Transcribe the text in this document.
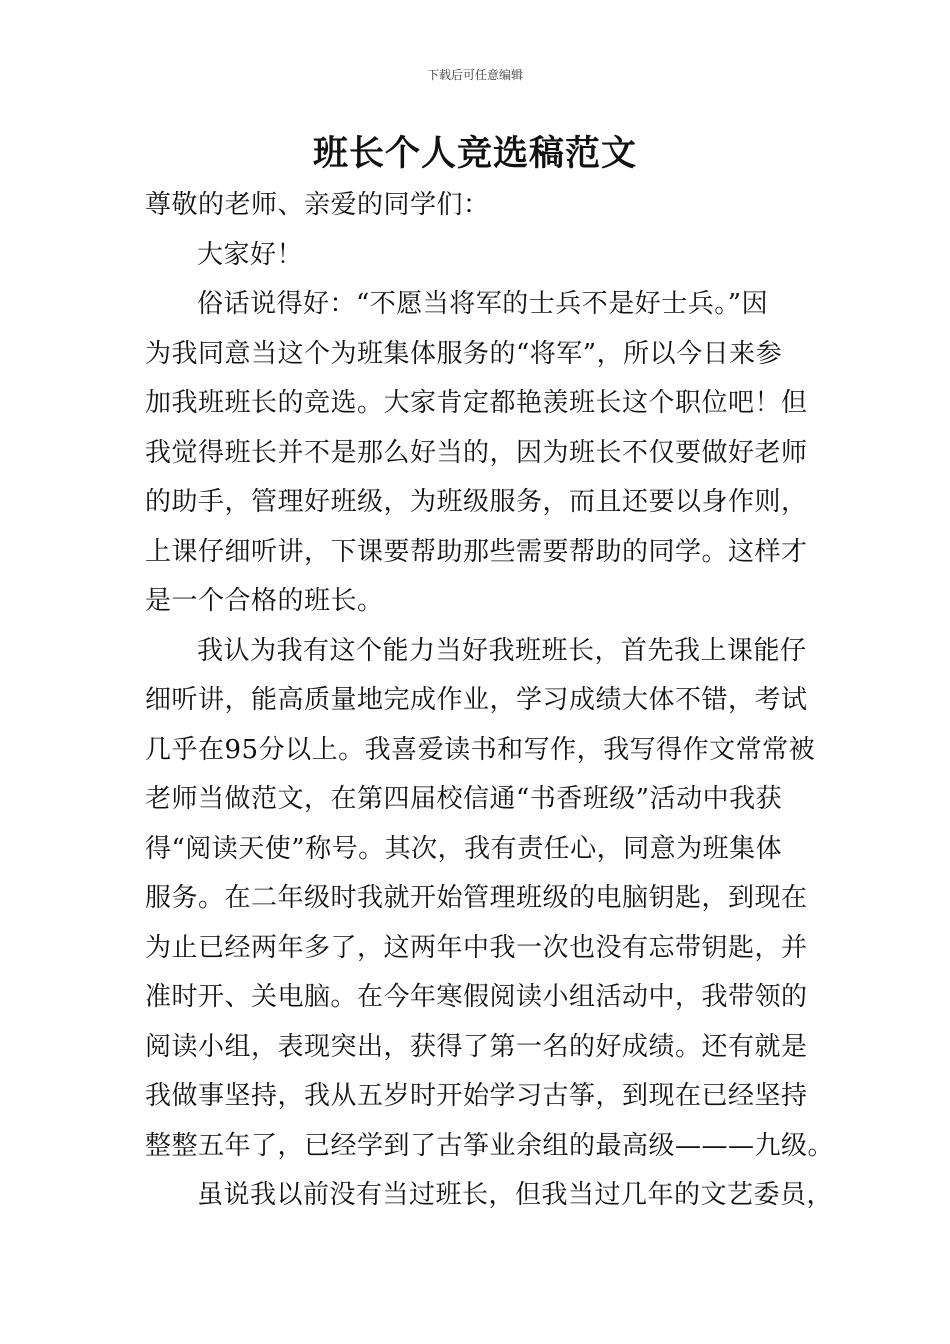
下载后可任意编辑
班长个人竞选稿范文
尊敬的老师、亲爱的同学们：
大家好！
俗话说得好：“不愿当将军的士兵不是好士兵。”因
为我同意当这个为班集体服务的“将军”，所以今日来参
加我班班长的竞选。大家肯定都艳羡班长这个职位吧！但
我觉得班长并不是那么好当的，因为班长不仅要做好老师
的助手，管理好班级，为班级服务，而且还要以身作则，
上课仔细听讲，下课要帮助那些需要帮助的同学。这样才
是一个合格的班长。
我认为我有这个能力当好我班班长，首先我上课能仔
细听讲，能高质量地完成作业，学习成绩大体不错，考试
几乎在95分以上。我喜爱读书和写作，我写得作文常常被
老师当做范文，在第四届校信通“书香班级”活动中我获
得“阅读天使”称号。其次，我有责任心，同意为班集体
服务。在二年级时我就开始管理班级的电脑钥匙，到现在
为止已经两年多了，这两年中我一次也没有忘带钥匙，并
准时开、关电脑。在今年寒假阅读小组活动中，我带领的
阅读小组，表现突出，获得了第一名的好成绩。还有就是
我做事坚持，我从五岁时开始学习古筝，到现在已经坚持
整整五年了，已经学到了古筝业余组的最高级———九级。
虽说我以前没有当过班长，但我当过几年的文艺委员，
